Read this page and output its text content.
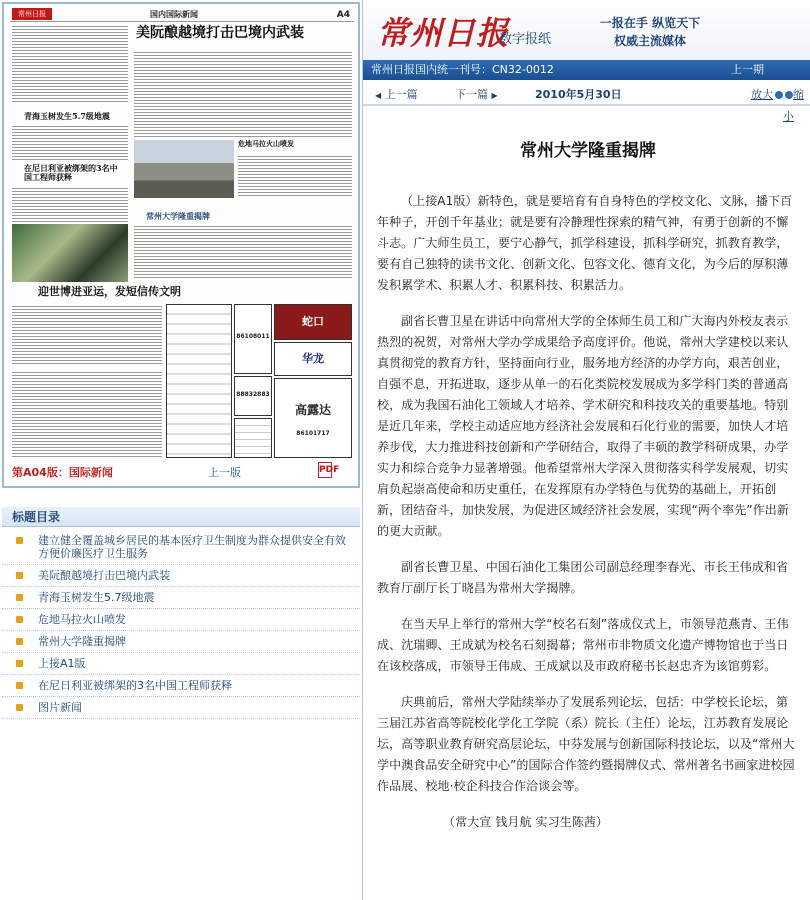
常州日报	国内国际新闻	A4
青海玉树发生5.7级地震
在尼日利亚被绑架的3名中国工程师获释
美阮酿越境打击巴境内武装
危地马拉火山喷发
常州大学隆重揭牌
迎世博进亚运，发短信传文明
86108011
蛇口
华龙
88832883
高露达
86101717
第A04版：国际新闻	上一版	PDF
标题目录
建立健全覆盖城乡居民的基本医疗卫生制度为群众提供安全有效方便价廉医疗卫生服务
美阮酿越境打击巴境内武装
青海玉树发生5.7级地震
危地马拉火山喷发
常州大学隆重揭牌
上接A1版
在尼日利亚被绑架的3名中国工程师获释
图片新闻
常州日报
数字报纸
一报在手 纵览天下
权威主流媒体
常州日报国内统一刊号：CN32-0012	上一期
◀ 上一篇	下一篇 ▶	2010年5月30日	放大	缩小
常州大学隆重揭牌

（上接A1版）新特色，就是要培育有自身特色的学校文化、文脉，播下百年种子，开创千年基业；就是要有冷静理性探索的精气神，有勇于创新的不懈斗志。广大师生员工，要宁心静气，抓学科建设，抓科学研究，抓教育教学，要有自己独特的读书文化、创新文化、包容文化、德育文化，为今后的厚积薄发积累学术、积累人才、积累科技、积累活力。

副省长曹卫星在讲话中向常州大学的全体师生员工和广大海内外校友表示热烈的祝贺，对常州大学办学成果给予高度评价。他说，常州大学建校以来认真贯彻党的教育方针，坚持面向行业，服务地方经济的办学方向，艰苦创业，自强不息，开拓进取，逐步从单一的石化类院校发展成为多学科门类的普通高校，成为我国石油化工领域人才培养、学术研究和科技攻关的重要基地。特别是近几年来，学校主动适应地方经济社会发展和石化行业的需要，加快人才培养步伐，大力推进科技创新和产学研结合，取得了丰硕的教学科研成果，办学实力和综合竞争力显著增强。他希望常州大学深入贯彻落实科学发展观，切实肩负起崇高使命和历史重任，在发挥原有办学特色与优势的基础上，开拓创新，团结奋斗，加快发展，为促进区域经济社会发展，实现“两个率先”作出新的更大贡献。

副省长曹卫星、中国石油化工集团公司副总经理李春光、市长王伟成和省教育厅副厅长丁晓昌为常州大学揭牌。

在当天早上举行的常州大学“校名石刻”落成仪式上，市领导范燕青、王伟成、沈瑞卿、王成斌为校名石刻揭幕；常州市非物质文化遗产博物馆也于当日在该校落成，市领导王伟成、王成斌以及市政府秘书长赵忠齐为该馆剪彩。

庆典前后，常州大学陆续举办了发展系列论坛，包括：中学校长论坛，第三届江苏省高等院校化学化工学院（系）院长（主任）论坛，江苏教育发展论坛，高等职业教育研究高层论坛，中芬发展与创新国际科技论坛，以及“常州大学中澳食品安全研究中心”的国际合作签约暨揭牌仪式、常州著名书画家进校园作品展、校地·校企科技合作洽谈会等。

（常大宣 钱月航 实习生陈茜）
